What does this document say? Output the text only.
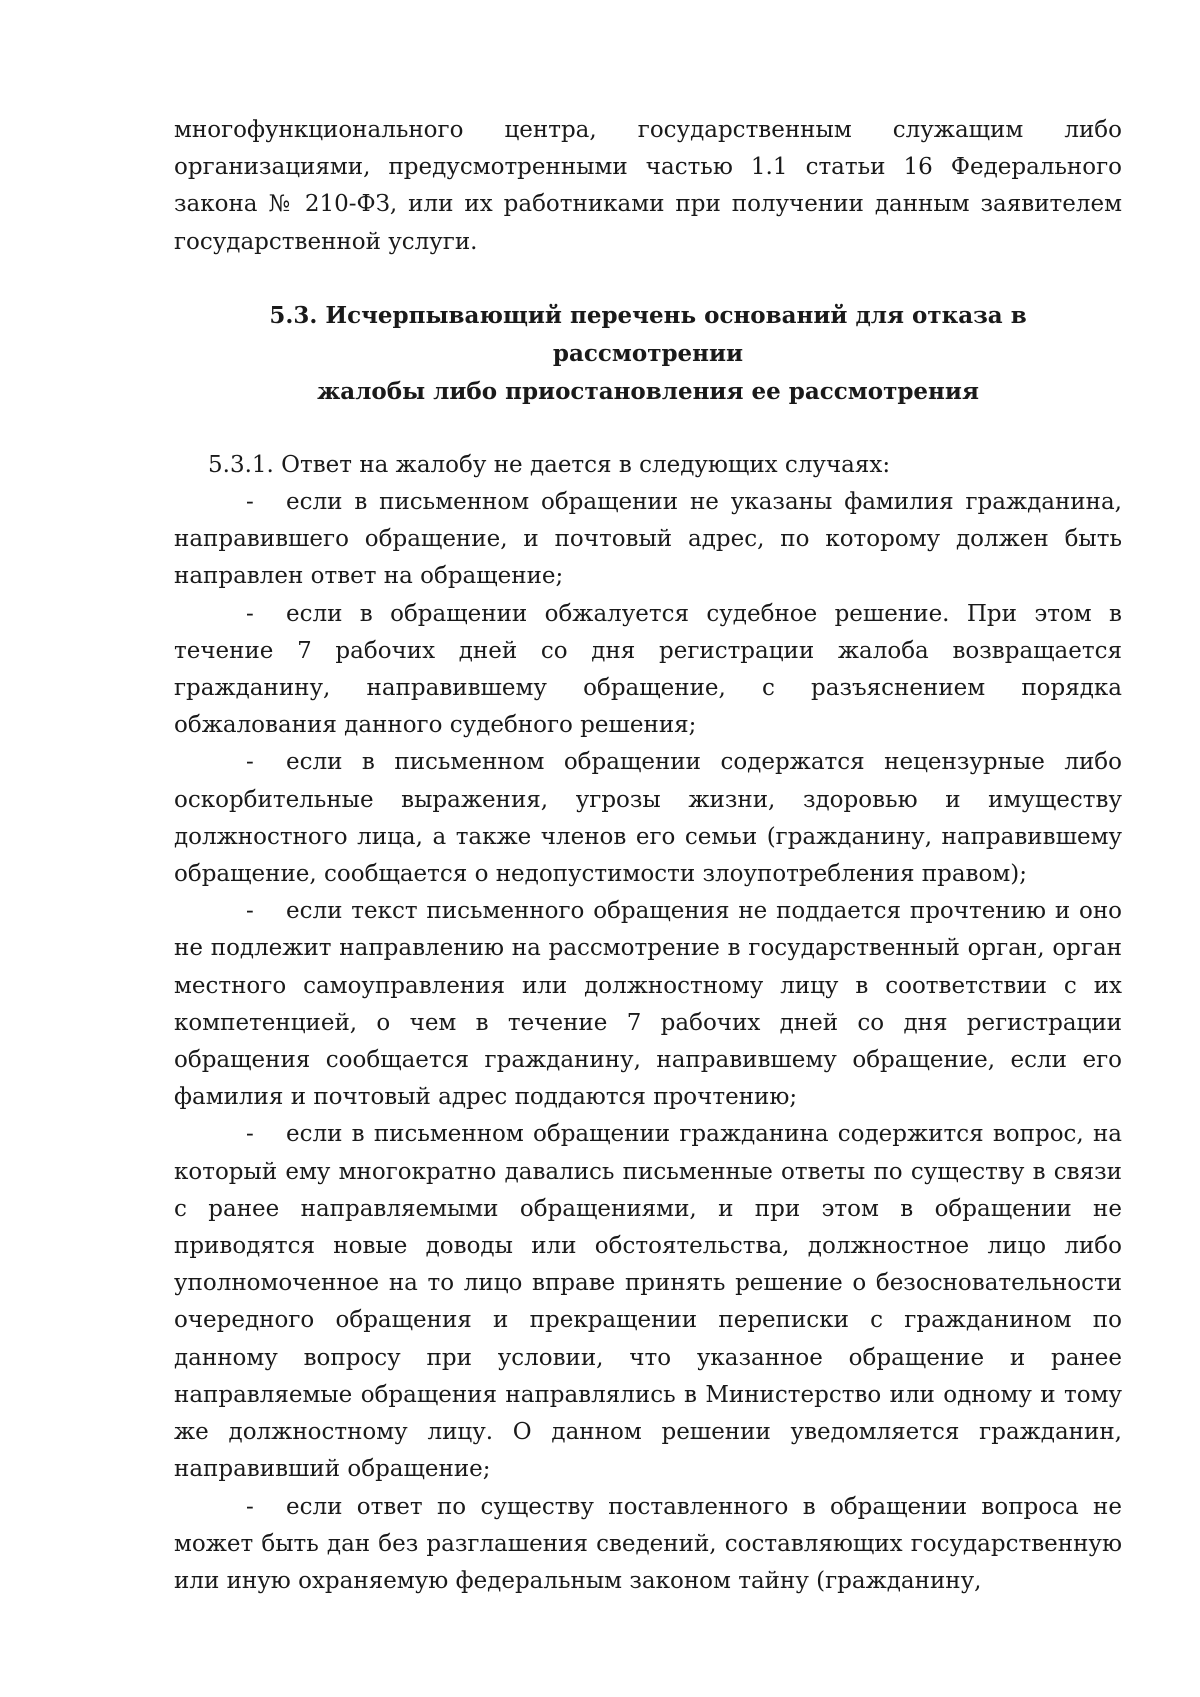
многофункционального центра, государственным служащим либо организациями, предусмотренными частью 1.1 статьи 16 Федерального закона № 210-ФЗ, или их работниками при получении данным заявителем государственной услуги.

5.3. Исчерпывающий перечень оснований для отказа в рассмотрении
жалобы либо приостановления ее рассмотрения

5.3.1. Ответ на жалобу не дается в следующих случаях:

- если в письменном обращении не указаны фамилия гражданина, направившего обращение, и почтовый адрес, по которому должен быть направлен ответ на обращение;

- если в обращении обжалуется судебное решение. При этом в течение 7 рабочих дней со дня регистрации жалоба возвращается гражданину, направившему обращение, с разъяснением порядка обжалования данного судебного решения;

- если в письменном обращении содержатся нецензурные либо оскорбительные выражения, угрозы жизни, здоровью и имуществу должностного лица, а также членов его семьи (гражданину, направившему обращение, сообщается о недопустимости злоупотребления правом);

- если текст письменного обращения не поддается прочтению и оно не подлежит направлению на рассмотрение в государственный орган, орган местного самоуправления или должностному лицу в соответствии с их компетенцией, о чем в течение 7 рабочих дней со дня регистрации обращения сообщается гражданину, направившему обращение, если его фамилия и почтовый адрес поддаются прочтению;

- если в письменном обращении гражданина содержится вопрос, на который ему многократно давались письменные ответы по существу в связи с ранее направляемыми обращениями, и при этом в обращении не приводятся новые доводы или обстоятельства, должностное лицо либо уполномоченное на то лицо вправе принять решение о безосновательности очередного обращения и прекращении переписки с гражданином по данному вопросу при условии, что указанное обращение и ранее направляемые обращения направлялись в Министерство или одному и тому же должностному лицу. О данном решении уведомляется гражданин, направивший обращение;

- если ответ по существу поставленного в обращении вопроса не может быть дан без разглашения сведений, составляющих государственную или иную охраняемую федеральным законом тайну (гражданину,
